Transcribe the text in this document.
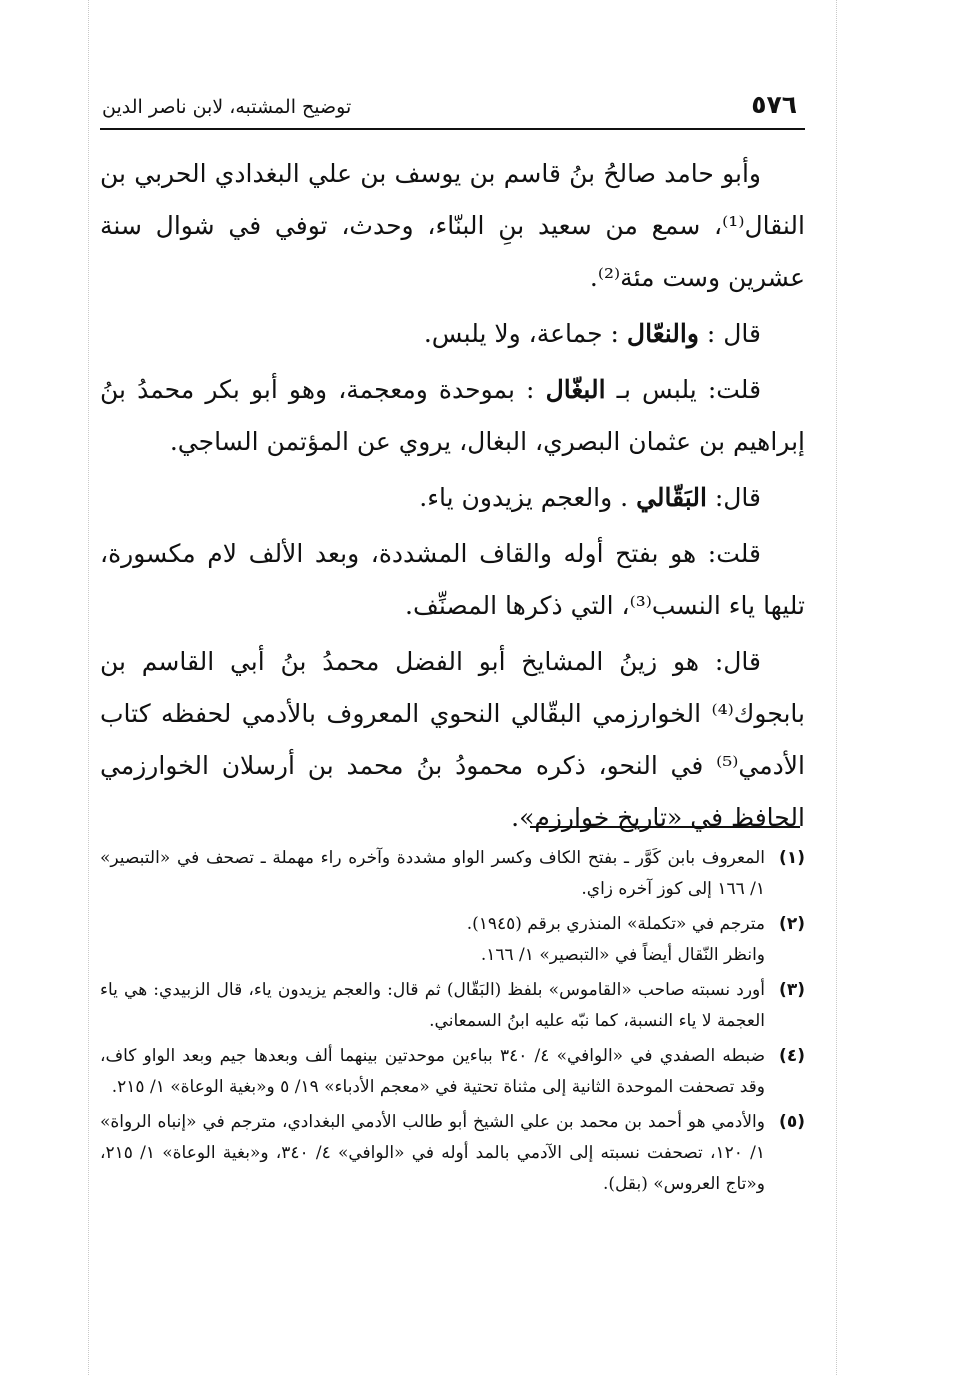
٥٧٦
توضيح المشتبه، لابن ناصر الدين

وأبو حامد صالحُ بنُ قاسم بن يوسف بن علي البغدادي الحربي بن النقال⁽¹⁾، سمع من سعيد بنِ البنّاء، وحدث، توفي في شوال سنة عشرين وست مئة⁽²⁾.

قال : والنعّال : جماعة، ولا يلبس.

قلت: يلبس بـ البغّال : بموحدة ومعجمة، وهو أبو بكر محمدُ بنُ إبراهيم بن عثمان البصري، البغال، يروي عن المؤتمن الساجي.

قال: البَقّالي . والعجم يزيدون ياء.

قلت: هو بفتح أوله والقاف المشددة، وبعد الألف لام مكسورة، تليها ياء النسب⁽³⁾، التي ذكرها المصنِّف.

قال: هو زينُ المشايخ أبو الفضل محمدُ بنُ أبي القاسم بن بابجوك⁽⁴⁾ الخوارزمي البقّالي النحوي المعروف بالأدمي لحفظه كتاب الأدمي⁽⁵⁾ في النحو، ذكره محمودُ بنُ محمد بن أرسلان الخوارزمي الحافظ في «تاريخ خوارزم».

(١)
المعروف بابن كَوَّر ـ بفتح الكاف وكسر الواو مشددة وآخره راء مهملة ـ تصحف في «التبصير» ١/ ١٦٦ إلى كوز آخره زاي.
(٢)
مترجم في «تكملة» المنذري برقم (١٩٤٥).
وانظر النّقال أيضاً في «التبصير» ١/ ١٦٦.
(٣)
أورد نسبته صاحب «القاموس» بلفظ (البَقّال) ثم قال: والعجم يزيدون ياء، قال الزبيدي: هي ياء العجمة لا ياء النسبة، كما نبّه عليه ابنُ السمعاني.
(٤)
ضبطه الصفدي في «الوافي» ٤/ ٣٤٠ بباءين موحدتين بينهما ألف وبعدها جيم وبعد الواو كاف، وقد تصحفت الموحدة الثانية إلى مثناة تحتية في «معجم الأدباء» ١٩/ ٥ و«بغية الوعاة» ١/ ٢١٥.
(٥)
والأدمي هو أحمد بن محمد بن علي الشيخ أبو طالب الأدمي البغدادي، مترجم في «إنباه الرواة» ١/ ١٢٠، تصحفت نسبته إلى الآدمي بالمد أوله في «الوافي» ٤/ ٣٤٠، و«بغية الوعاة» ١/ ٢١٥، و«تاج العروس» (بقل).
